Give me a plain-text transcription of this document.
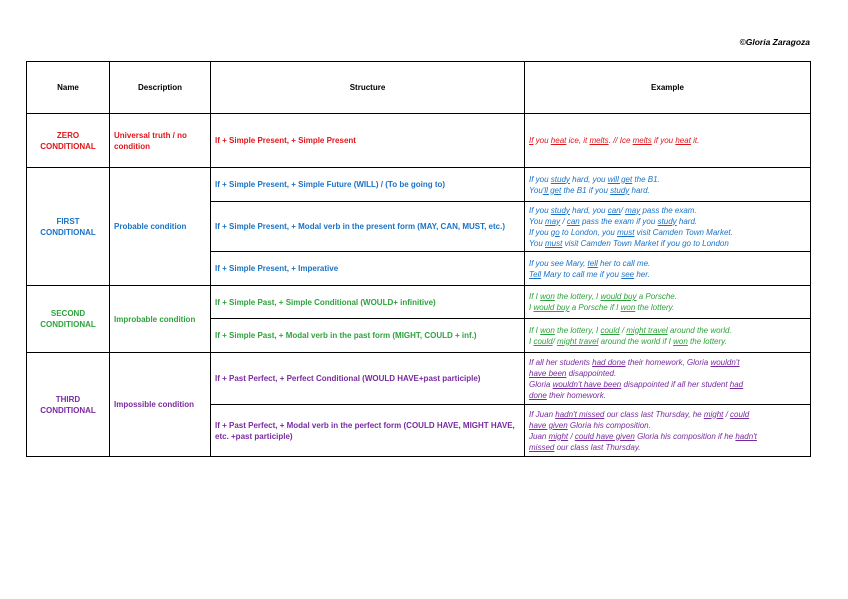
©Gloria Zaragoza
Name	Description	Structure	Example
ZERO CONDITIONAL	Universal truth / no condition	If + Simple Present, + Simple Present	If you heat ice, it melts. // Ice melts if you heat it.

FIRST CONDITIONAL	Probable condition	If + Simple Present, + Simple Future (WILL) / (To be going to)	If you study hard, you will get the B1.
You'll get the B1 if you study hard.

		If + Simple Present, + Modal verb in the present form (MAY, CAN, MUST, etc.)	If you study hard, you can/ may pass the exam.
You may / can pass the exam if you study hard.
If you go to London, you must visit Camden Town Market.
You must visit Camden Town Market if you go to London

		If + Simple Present, + Imperative	If you see Mary, tell her to call me.
Tell Mary to call me if you see her.

SECOND CONDITIONAL	Improbable condition	If + Simple Past, + Simple Conditional (WOULD+ infinitive)	If I won the lottery, I would buy a Porsche.
I would buy a Porsche if I won the lottery.

		If + Simple Past, + Modal verb in the past form (MIGHT, COULD + inf.)	If I won the lottery, I could / might travel around the world.
I could/ might travel around the world if I won the lottery.

THIRD CONDITIONAL	Impossible condition	If + Past Perfect, + Perfect Conditional (WOULD HAVE+past participle)	If all her students had done their homework, Gloria wouldn't
have been disappointed.
Gloria wouldn't have been disappointed if all her student had
done their homework.

		If + Past Perfect, + Modal verb in the perfect form (COULD HAVE, MIGHT HAVE, etc. +past participle)	If Juan hadn't missed our class last Thursday, he might / could
have given Gloria his composition.
Juan might / could have given Gloria his composition if he hadn't
missed our class last Thursday.
